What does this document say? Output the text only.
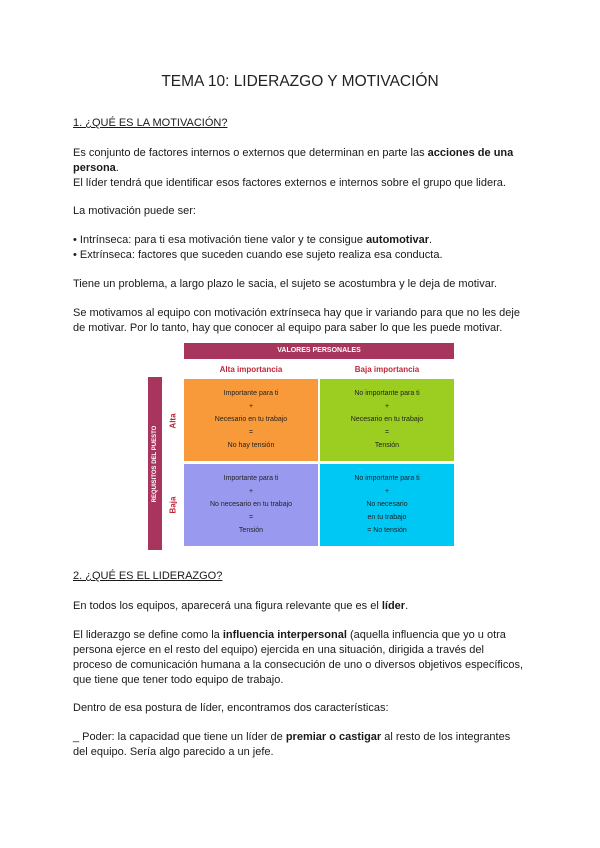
TEMA 10: LIDERAZGO Y MOTIVACIÓN
1. ¿QUÉ ES LA MOTIVACIÓN?

Es conjunto de factores internos o externos que determinan en parte las acciones de una
persona.
El líder tendrá que identificar esos factores externos e internos sobre el grupo que lidera.

La motivación puede ser:

• Intrínseca: para ti esa motivación tiene valor y te consigue automotivar.
• Extrínseca: factores que suceden cuando ese sujeto realiza esa conducta.

Tiene un problema, a largo plazo le sacia, el sujeto se acostumbra y le deja de motivar.

Se motivamos al equipo con motivación extrínseca hay que ir variando para que no les deje
de motivar. Por lo tanto, hay que conocer al equipo para saber lo que les puede motivar.

VALORES PERSONALES
Alta importancia	Baja importancia
REQUISITOS DEL PUESTO
Alta
Baja
Importante para ti
+
Necesario en tu trabajo
=
No hay tensión
No importante para ti
+
Necesario en tu trabajo
=
Tensión
Importante para ti
+
No necesario en tu trabajo
=
Tensión
No importante para ti
+
No necesario
en tu trabajo
= No tensión
2. ¿QUÉ ES EL LIDERAZGO?

En todos los equipos, aparecerá una figura relevante que es el líder.

El liderazgo se define como la influencia interpersonal (aquella influencia que yo u otra
persona ejerce en el resto del equipo) ejercida en una situación, dirigida a través del
proceso de comunicación humana a la consecución de uno o diversos objetivos específicos,
que tiene que tener todo equipo de trabajo.

Dentro de esa postura de líder, encontramos dos características:

_ Poder: la capacidad que tiene un líder de premiar o castigar al resto de los integrantes
del equipo. Sería algo parecido a un jefe.
